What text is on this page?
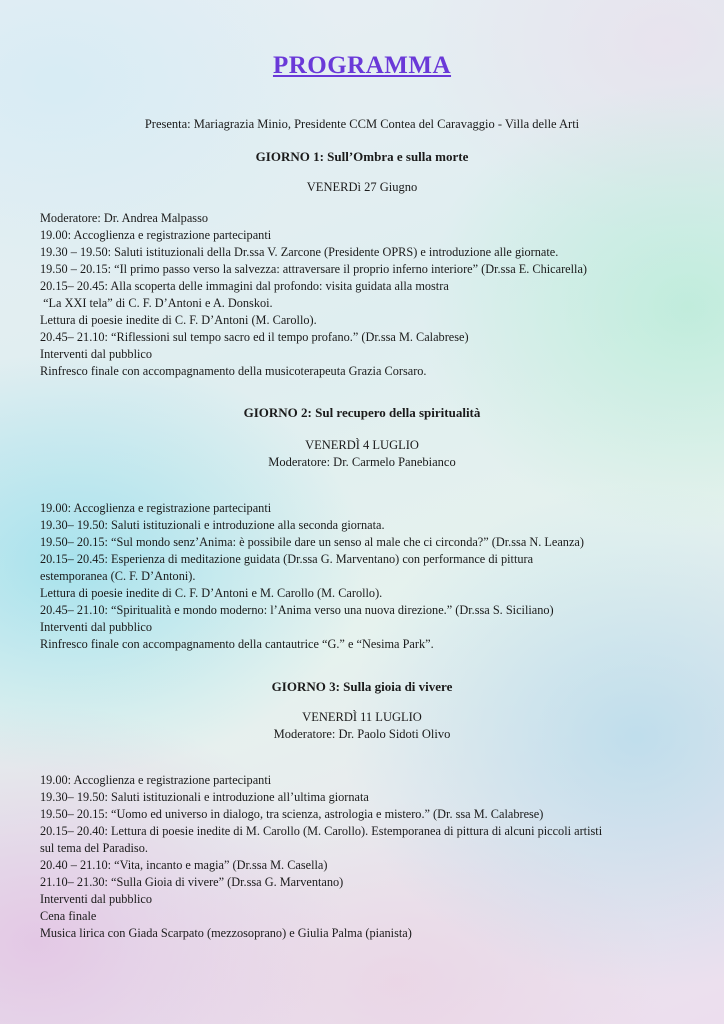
PROGRAMMA
Presenta: Mariagrazia Minio, Presidente CCM Contea del Caravaggio - Villa delle Arti
GIORNO 1: Sull’Ombra e sulla morte
VENERDì 27 Giugno
Moderatore: Dr. Andrea Malpasso
19.00: Accoglienza e registrazione partecipanti
19.30 – 19.50: Saluti istituzionali della Dr.ssa V. Zarcone (Presidente OPRS) e introduzione alle giornate.
19.50 – 20.15: “Il primo passo verso la salvezza: attraversare il proprio inferno interiore” (Dr.ssa E. Chicarella)
20.15– 20.45: Alla scoperta delle immagini dal profondo: visita guidata alla mostra
“La XXI tela” di C. F. D’Antoni e A. Donskoi.
Lettura di poesie inedite di C. F. D’Antoni (M. Carollo).
20.45– 21.10: “Riflessioni sul tempo sacro ed il tempo profano.” (Dr.ssa M. Calabrese)
Interventi dal pubblico
Rinfresco finale con accompagnamento della musicoterapeuta Grazia Corsaro.
GIORNO 2: Sul recupero della spiritualità
VENERDÌ 4 LUGLIO
Moderatore: Dr. Carmelo Panebianco
19.00: Accoglienza e registrazione partecipanti
19.30– 19.50: Saluti istituzionali e introduzione alla seconda giornata.
19.50– 20.15: “Sul mondo senz’Anima: è possibile dare un senso al male che ci circonda?” (Dr.ssa N. Leanza)
20.15– 20.45: Esperienza di meditazione guidata (Dr.ssa G. Marventano) con performance di pittura
estemporanea (C. F. D’Antoni).
Lettura di poesie inedite di C. F. D’Antoni e M. Carollo (M. Carollo).
20.45– 21.10: “Spiritualità e mondo moderno: l’Anima verso una nuova direzione.” (Dr.ssa S. Siciliano)
Interventi dal pubblico
Rinfresco finale con accompagnamento della cantautrice “G.” e “Nesima Park”.
GIORNO 3: Sulla gioia di vivere
VENERDÌ 11 LUGLIO
Moderatore: Dr. Paolo Sidoti Olivo
19.00: Accoglienza e registrazione partecipanti
19.30– 19.50: Saluti istituzionali e introduzione all’ultima giornata
19.50– 20.15: “Uomo ed universo in dialogo, tra scienza, astrologia e mistero.” (Dr. ssa M. Calabrese)
20.15– 20.40: Lettura di poesie inedite di M. Carollo (M. Carollo). Estemporanea di pittura di alcuni piccoli artisti
sul tema del Paradiso.
20.40 – 21.10: “Vita, incanto e magia” (Dr.ssa M. Casella)
21.10– 21.30: “Sulla Gioia di vivere” (Dr.ssa G. Marventano)
Interventi dal pubblico
Cena finale
Musica lirica con Giada Scarpato (mezzosoprano) e Giulia Palma (pianista)
